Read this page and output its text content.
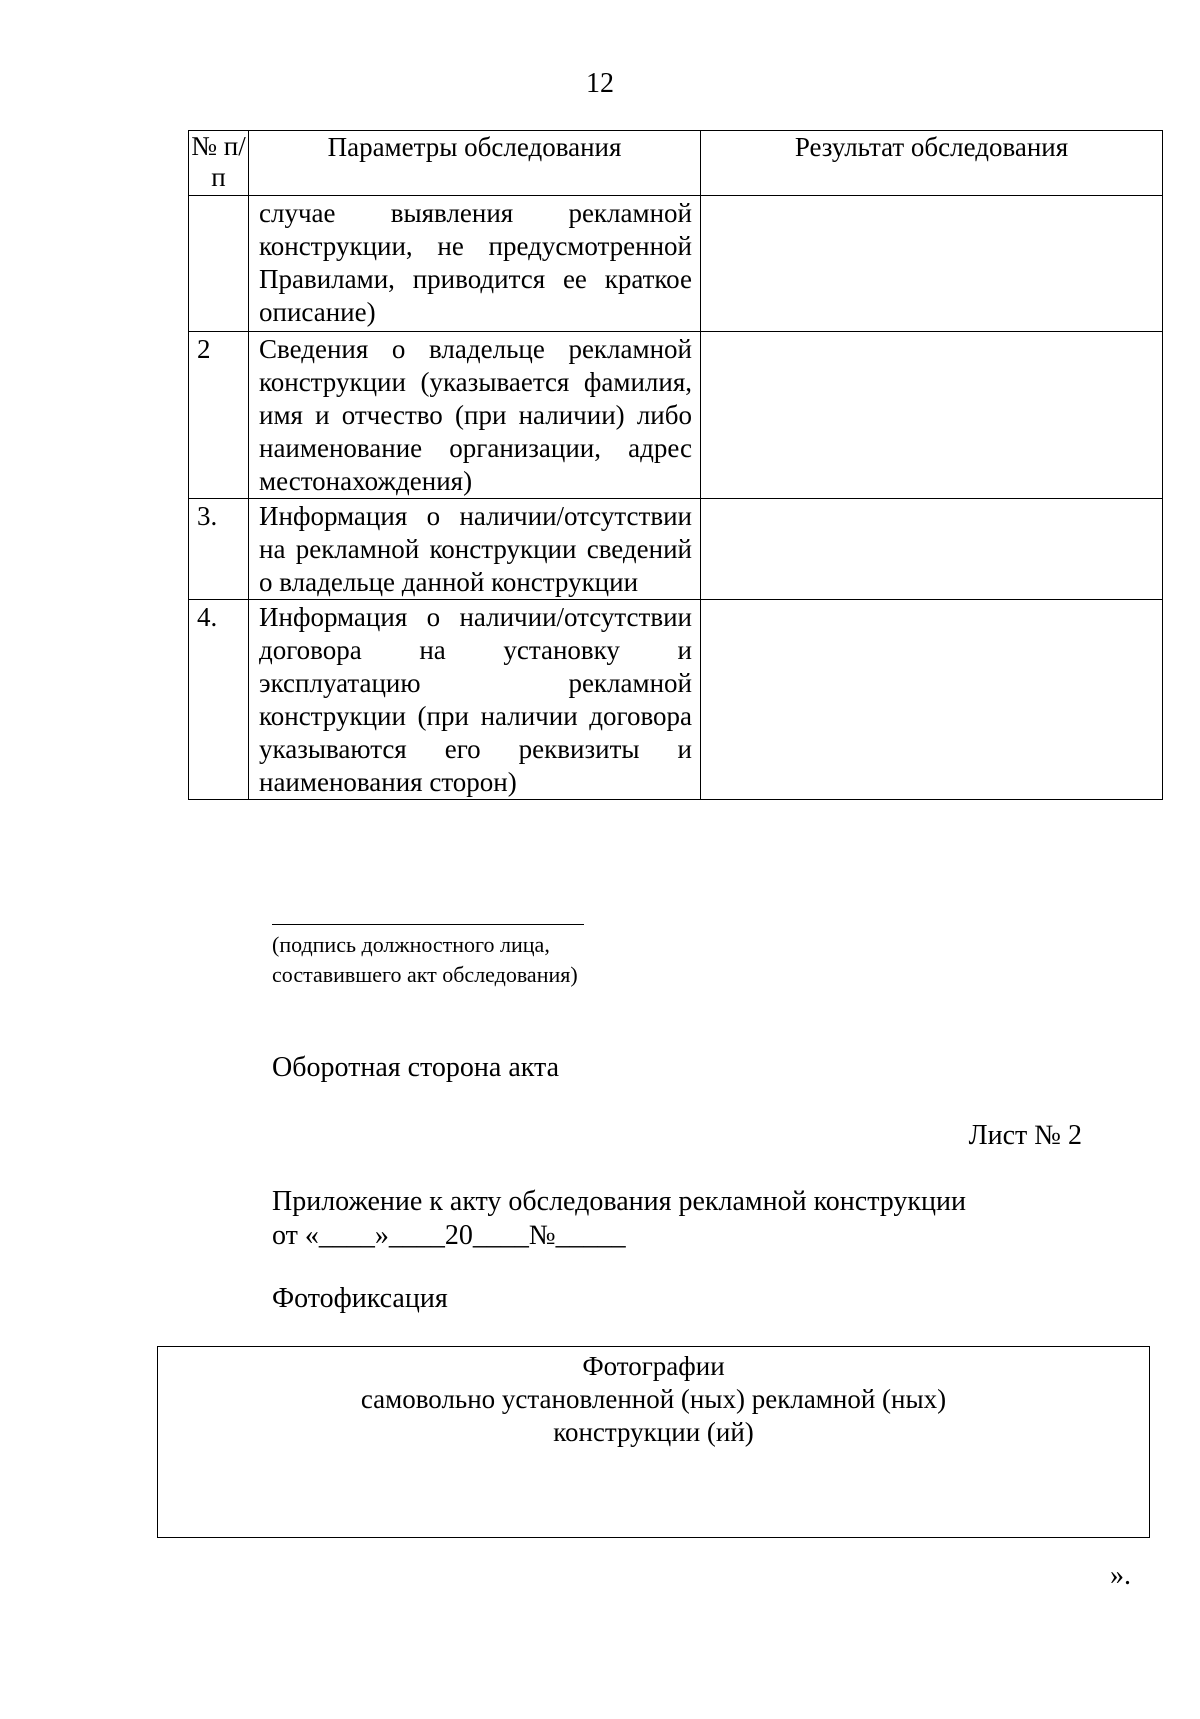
12
№ п/п	Параметры обследования	Результат обследования
	случае выявления рекламной конструкции, не предусмотренной Правилами, приводится ее краткое описание)	
2	Сведения о владельце рекламной конструкции (указывается фамилия, имя и отчество (при наличии) либо наименование организации, адрес местонахождения)	
3.	Информация о наличии/отсутствии на рекламной конструкции сведений о владельце данной конструкции	
4.	Информация о наличии/отсутствии договора на установку и эксплуатацию рекламной конструкции (при наличии договора указываются его реквизиты и наименования сторон)	
(подпись должностного лица,
составившего акт обследования)
Оборотная сторона акта
Лист № 2
Приложение к акту обследования рекламной конструкции
от «____»____20____№_____
Фотофиксация
Фотографии
самовольно установленной (ных) рекламной (ных)
конструкции (ий)
».
